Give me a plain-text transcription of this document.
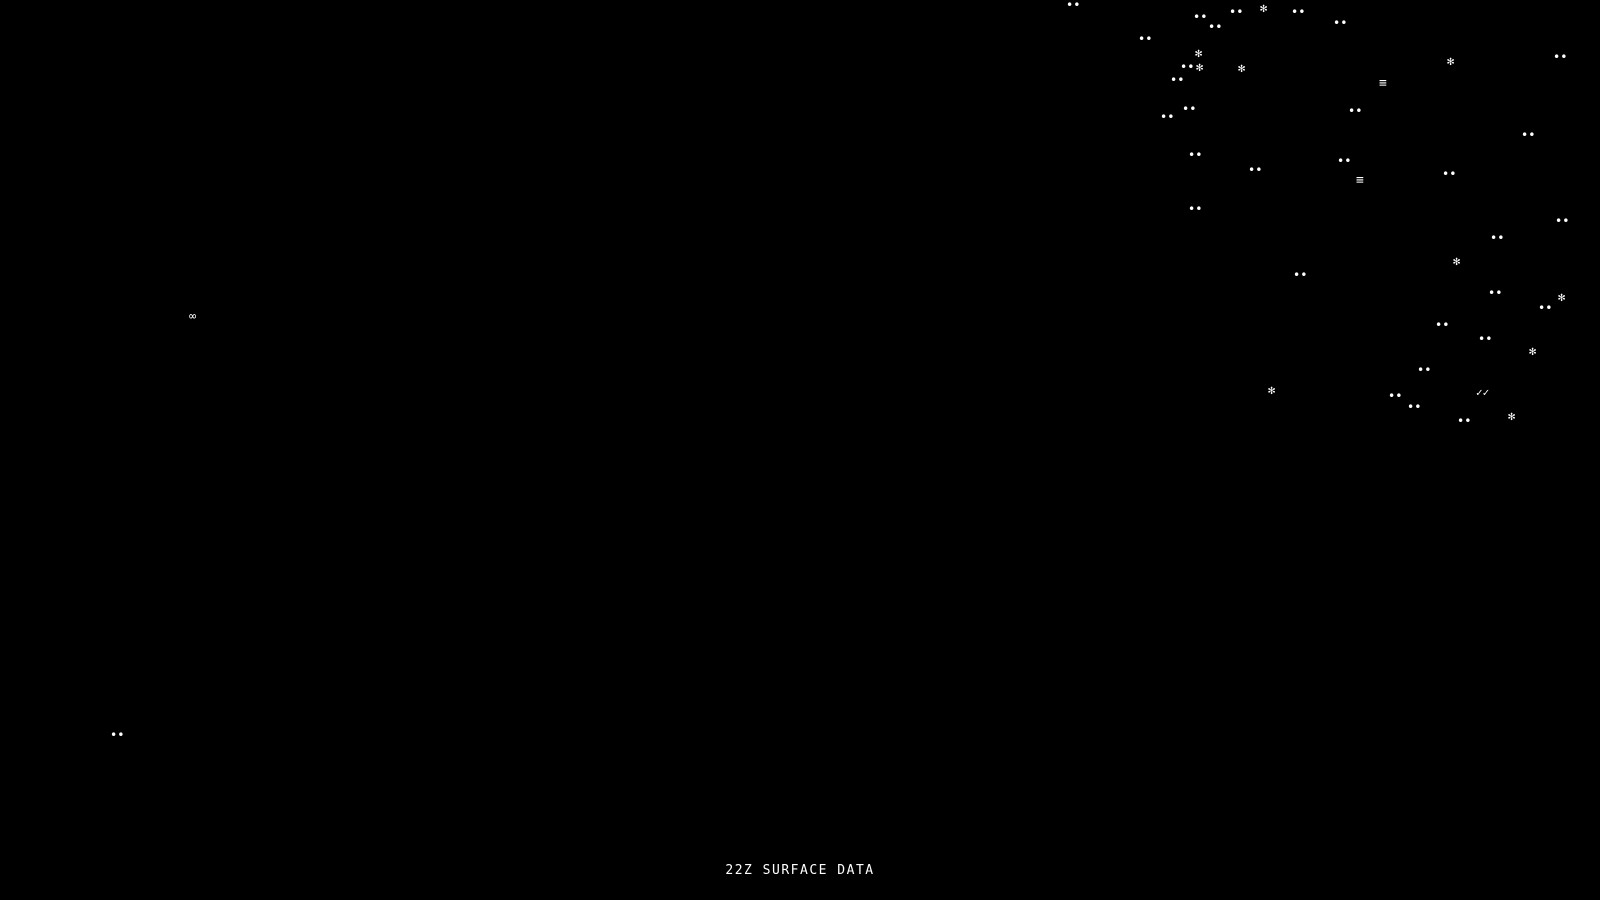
••
••
••
•• ✻ ••
••
••
✻
•• ✻	✻	✻	••
≡
••
••
••
••
••
••	••
••
≡	••
••
••
••
✻
••
••	✻
••
∞
••
••
✻
••
✻	••	✓✓
••
✻
••
••
22Z SURFACE DATA
